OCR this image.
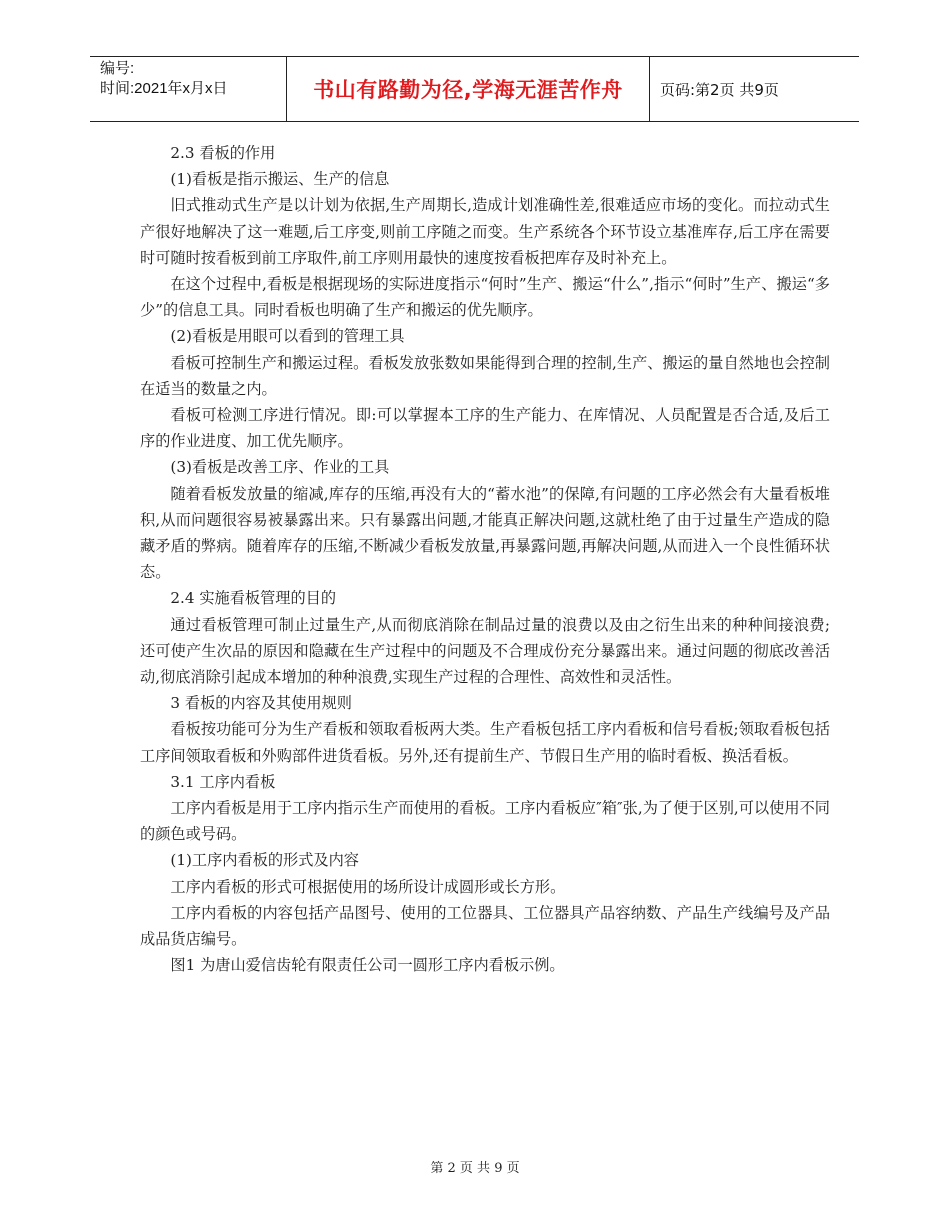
编号:
时间:2021年x月x日	书山有路勤为径,学海无涯苦作舟	页码:第2页 共9页

2.3 看板的作用

(1)看板是指示搬运、生产的信息

旧式推动式生产是以计划为依据,生产周期长,造成计划准确性差,很难适应市场的变化。而拉动式生产很好地解决了这一难题,后工序变,则前工序随之而变。生产系统各个环节设立基准库存,后工序在需要时可随时按看板到前工序取件,前工序则用最快的速度按看板把库存及时补充上。

在这个过程中,看板是根据现场的实际进度指示“何时”生产、搬运“什么”,指示“何时”生产、搬运“多少”的信息工具。同时看板也明确了生产和搬运的优先顺序。

(2)看板是用眼可以看到的管理工具

看板可控制生产和搬运过程。看板发放张数如果能得到合理的控制,生产、搬运的量自然地也会控制在适当的数量之内。

看板可检测工序进行情况。即:可以掌握本工序的生产能力、在库情况、人员配置是否合适,及后工序的作业进度、加工优先顺序。

(3)看板是改善工序、作业的工具

随着看板发放量的缩减,库存的压缩,再没有大的“蓄水池”的保障,有问题的工序必然会有大量看板堆积,从而问题很容易被暴露出来。只有暴露出问题,才能真正解决问题,这就杜绝了由于过量生产造成的隐藏矛盾的弊病。随着库存的压缩,不断减少看板发放量,再暴露问题,再解决问题,从而进入一个良性循环状态。

2.4 实施看板管理的目的

通过看板管理可制止过量生产,从而彻底消除在制品过量的浪费以及由之衍生出来的种种间接浪费;还可使产生次品的原因和隐藏在生产过程中的问题及不合理成份充分暴露出来。通过问题的彻底改善活动,彻底消除引起成本增加的种种浪费,实现生产过程的合理性、高效性和灵活性。

3 看板的内容及其使用规则

看板按功能可分为生产看板和领取看板两大类。生产看板包括工序内看板和信号看板;领取看板包括工序间领取看板和外购部件进货看板。另外,还有提前生产、节假日生产用的临时看板、换活看板。

3.1 工序内看板

工序内看板是用于工序内指示生产而使用的看板。工序内看板应″箱″张,为了便于区别,可以使用不同的颜色或号码。

(1)工序内看板的形式及内容

工序内看板的形式可根据使用的场所设计成圆形或长方形。

工序内看板的内容包括产品图号、使用的工位器具、工位器具产品容纳数、产品生产线编号及产品成品货店编号。

图1 为唐山爱信齿轮有限责任公司一圆形工序内看板示例。

第 2 页 共 9 页
